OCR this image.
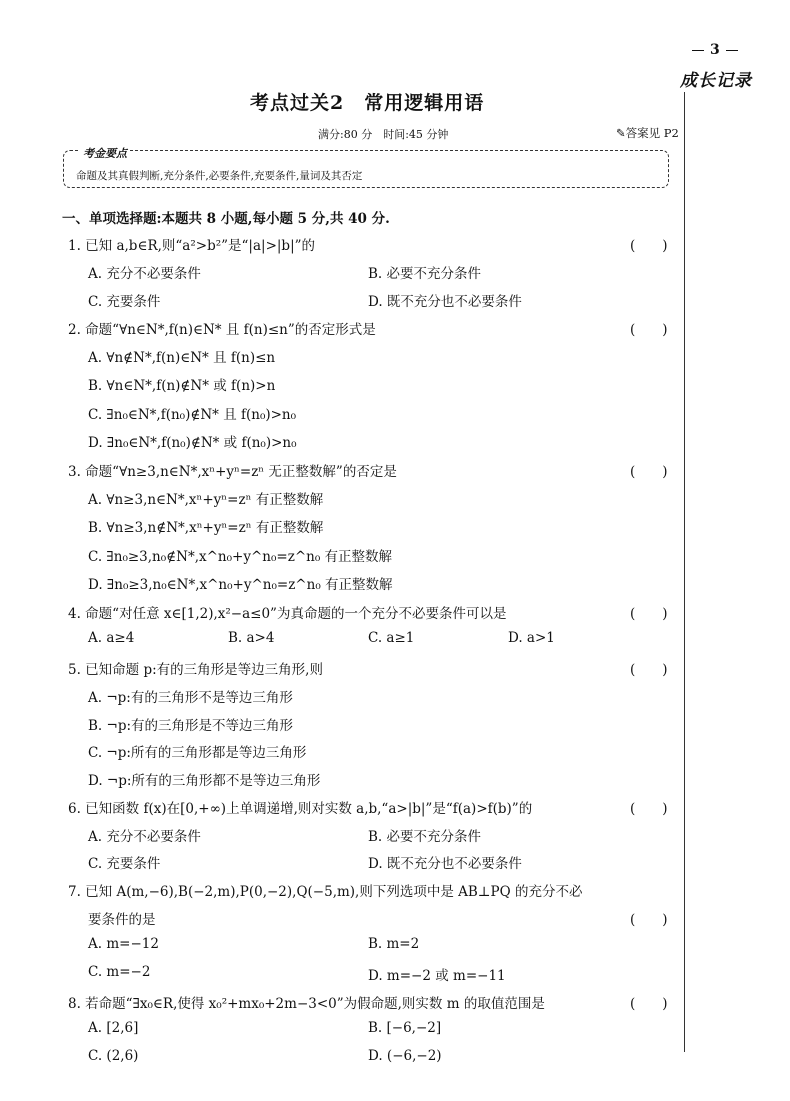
3
成长记录
考点过关2　常用逻辑用语
满分:80 分　时间:45 分钟	✎答案见 P2
考金要点
命题及其真假判断,充分条件,必要条件,充要条件,量词及其否定
一、单项选择题:本题共 8 小题,每小题 5 分,共 40 分.
1. 已知 a,b∈R,则“a²>b²”是“|a|>|b|”的	(　　)
A. 充分不必要条件	B. 必要不充分条件
C. 充要条件	D. 既不充分也不必要条件
2. 命题“∀n∈N*,f(n)∈N* 且 f(n)≤n”的否定形式是	(　　)
A. ∀n∉N*,f(n)∈N* 且 f(n)≤n
B. ∀n∈N*,f(n)∉N* 或 f(n)>n
C. ∃n₀∈N*,f(n₀)∉N* 且 f(n₀)>n₀
D. ∃n₀∈N*,f(n₀)∉N* 或 f(n₀)>n₀
3. 命题“∀n≥3,n∈N*,xⁿ+yⁿ=zⁿ 无正整数解”的否定是	(　　)
A. ∀n≥3,n∈N*,xⁿ+yⁿ=zⁿ 有正整数解
B. ∀n≥3,n∉N*,xⁿ+yⁿ=zⁿ 有正整数解
C. ∃n₀≥3,n₀∉N*,x^n₀+y^n₀=z^n₀ 有正整数解
D. ∃n₀≥3,n₀∈N*,x^n₀+y^n₀=z^n₀ 有正整数解
4. 命题“对任意 x∈[1,2),x²−a≤0”为真命题的一个充分不必要条件可以是	(　　)
A. a≥4	B. a>4	C. a≥1	D. a>1
5. 已知命题 p:有的三角形是等边三角形,则	(　　)
A. ¬p:有的三角形不是等边三角形
B. ¬p:有的三角形是不等边三角形
C. ¬p:所有的三角形都是等边三角形
D. ¬p:所有的三角形都不是等边三角形
6. 已知函数 f(x)在[0,+∞)上单调递增,则对实数 a,b,“a>|b|”是“f(a)>f(b)”的	(　　)
A. 充分不必要条件	B. 必要不充分条件
C. 充要条件	D. 既不充分也不必要条件
7. 已知 A(m,−6),B(−2,m),P(0,−2),Q(−5,m),则下列选项中是 AB⊥PQ 的充分不必
要条件的是	(　　)
A. m=−12	B. m=2
C. m=−2	D. m=−2 或 m=−11
8. 若命题“∃x₀∈R,使得 x₀²+mx₀+2m−3<0”为假命题,则实数 m 的取值范围是	(　　)
A. [2,6]	B. [−6,−2]
C. (2,6)	D. (−6,−2)
